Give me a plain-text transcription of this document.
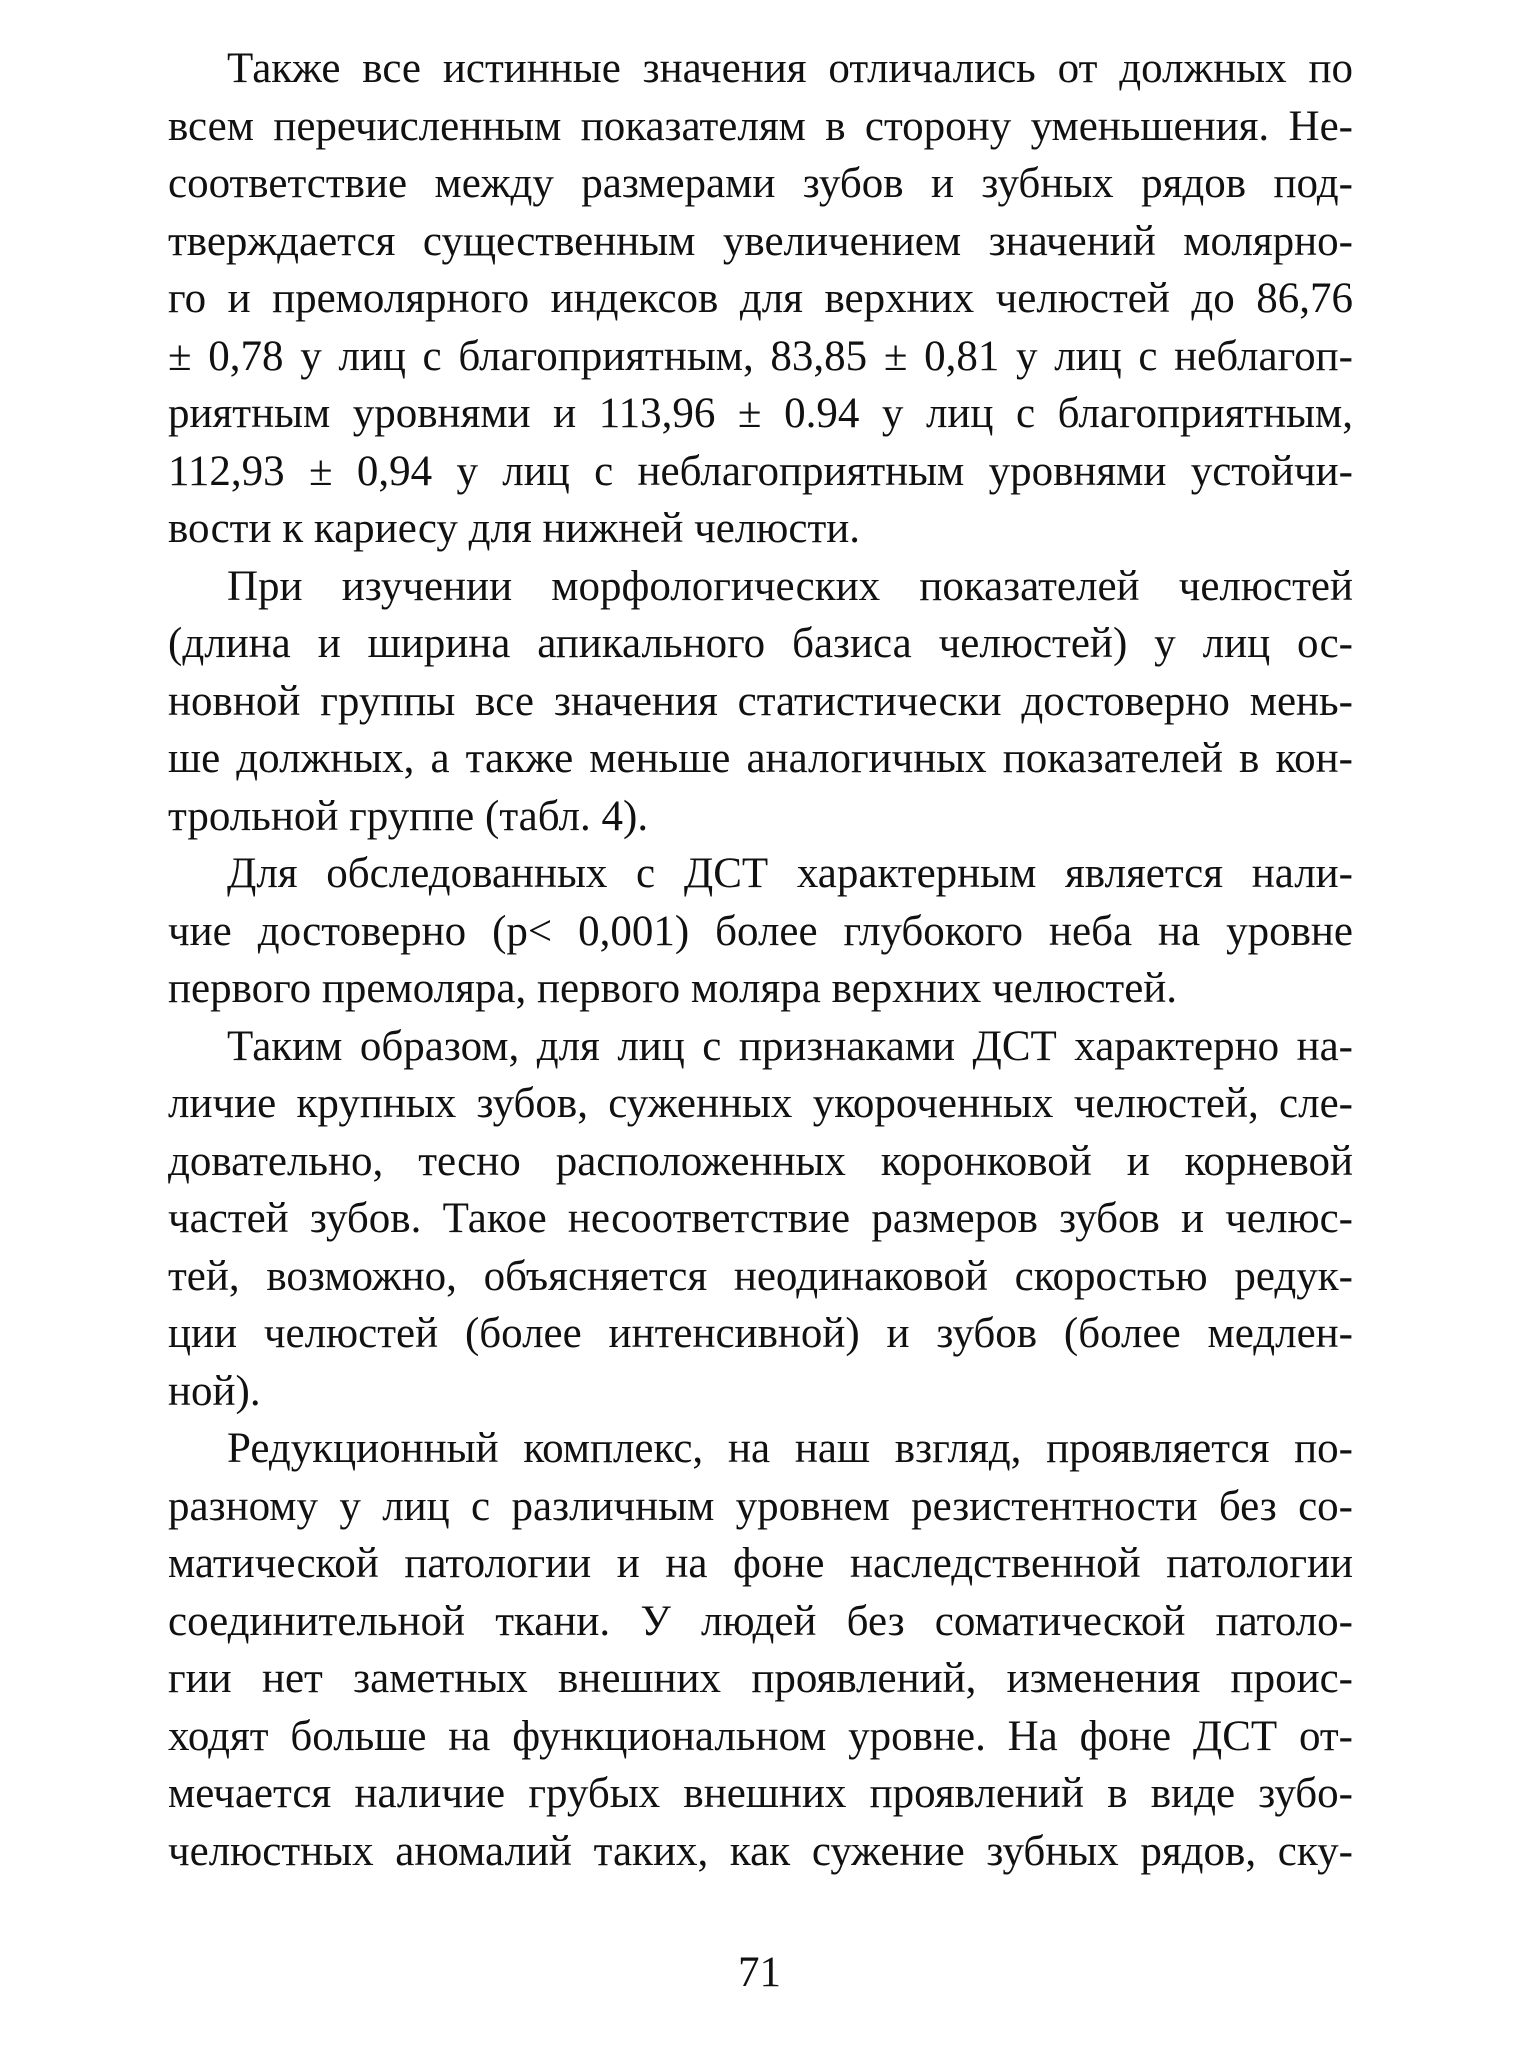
Также все истинные значения отличались от должных по
всем перечисленным показателям в сторону уменьшения. Не-
соответствие между размерами зубов и зубных рядов под-
тверждается существенным увеличением значений молярно-
го и премолярного индексов для верхних челюстей до 86,76
± 0,78 у лиц с благоприятным, 83,85 ± 0,81 у лиц с неблагоп-
риятным уровнями и 113,96 ± 0.94 у лиц с благоприятным,
112,93 ± 0,94 у лиц с неблагоприятным уровнями устойчи-
вости к кариесу для нижней челюсти.
При изучении морфологических показателей челюстей
(длина и ширина апикального базиса челюстей) у лиц ос-
новной группы все значения статистически достоверно мень-
ше должных, а также меньше аналогичных показателей в кон-
трольной группе (табл. 4).
Для обследованных с ДСТ характерным является нали-
чие достоверно (р< 0,001) более глубокого неба на уровне
первого премоляра, первого моляра верхних челюстей.
Таким образом, для лиц с признаками ДСТ характерно на-
личие крупных зубов, суженных укороченных челюстей, сле-
довательно, тесно расположенных коронковой и корневой
частей зубов. Такое несоответствие размеров зубов и челюс-
тей, возможно, объясняется неодинаковой скоростью редук-
ции челюстей (более интенсивной) и зубов (более медлен-
ной).
Редукционный комплекс, на наш взгляд, проявляется по-
разному у лиц с различным уровнем резистентности без со-
матической патологии и на фоне наследственной патологии
соединительной ткани. У людей без соматической патоло-
гии нет заметных внешних проявлений, изменения проис-
ходят больше на функциональном уровне. На фоне ДСТ от-
мечается наличие грубых внешних проявлений в виде зубо-
челюстных аномалий таких, как сужение зубных рядов, ску-
71
